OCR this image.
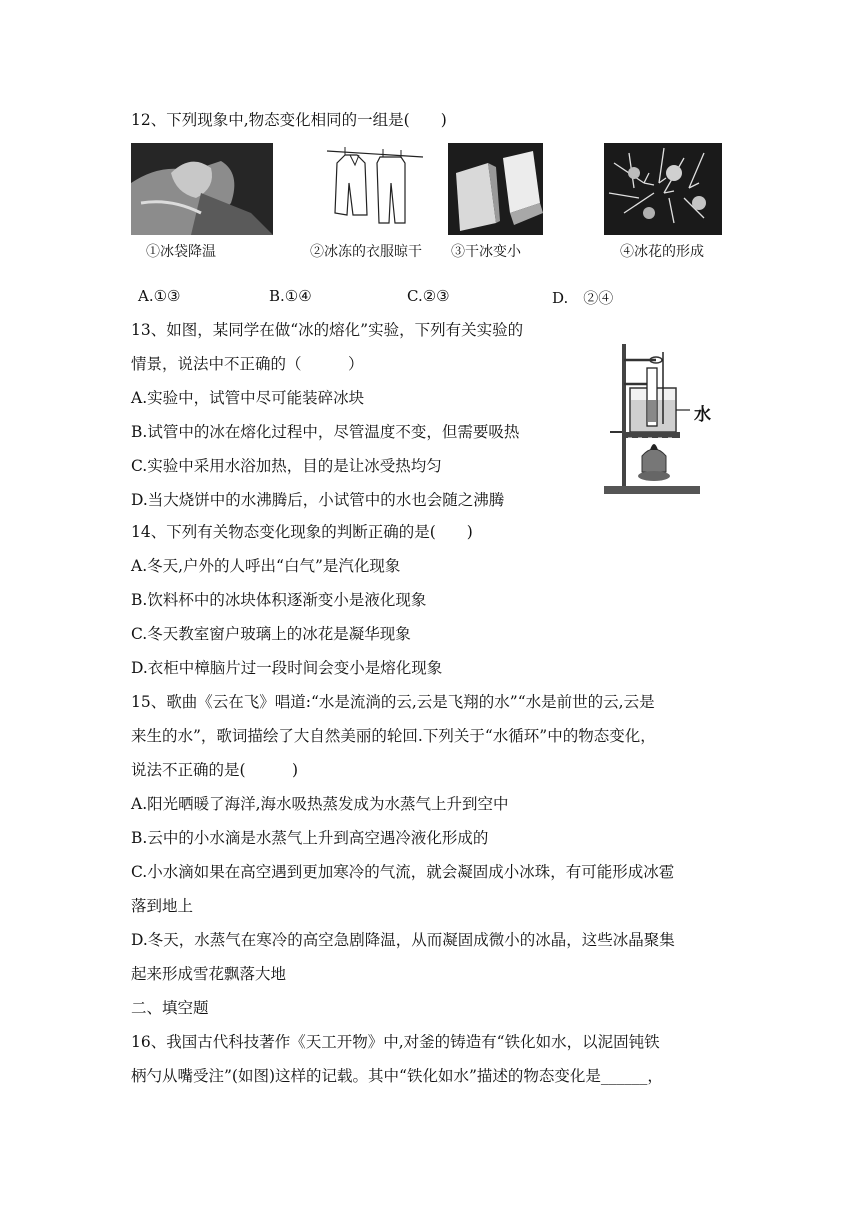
12、下列现象中,物态变化相同的一组是(　　)
①冰袋降温	②冰冻的衣服晾干 ③干冰变小	④冰花的形成
A.①③	B.①④	C.②③	D.　②④
13、如图，某同学在做“冰的熔化”实验，下列有关实验的
情景，说法中不正确的（　　　）
A.实验中，试管中尽可能装碎冰块
B.试管中的冰在熔化过程中，尽管温度不变，但需要吸热
C.实验中采用水浴加热，目的是让冰受热均匀
D.当大烧饼中的水沸腾后，小试管中的水也会随之沸腾
水
14、下列有关物态变化现象的判断正确的是(　　)
A.冬天,户外的人呼出“白气”是汽化现象
B.饮料杯中的冰块体积逐渐变小是液化现象
C.冬天教室窗户玻璃上的冰花是凝华现象
D.衣柜中樟脑片过一段时间会变小是熔化现象
15、歌曲《云在飞》唱道:“水是流淌的云,云是飞翔的水”“水是前世的云,云是
来生的水”，歌词描绘了大自然美丽的轮回.下列关于“水循环”中的物态变化，
说法不正确的是(　　　)
A.阳光晒暖了海洋,海水吸热蒸发成为水蒸气上升到空中
B.云中的小水滴是水蒸气上升到高空遇冷液化形成的
C.小水滴如果在高空遇到更加寒冷的气流，就会凝固成小冰珠，有可能形成冰雹
落到地上
D.冬天，水蒸气在寒冷的高空急剧降温，从而凝固成微小的冰晶，这些冰晶聚集
起来形成雪花飘落大地
二、填空题
16、我国古代科技著作《天工开物》中,对釜的铸造有“铁化如水，以泥固钝铁
柄勺从嘴受注”(如图)这样的记载。其中“铁化如水”描述的物态变化是______，
